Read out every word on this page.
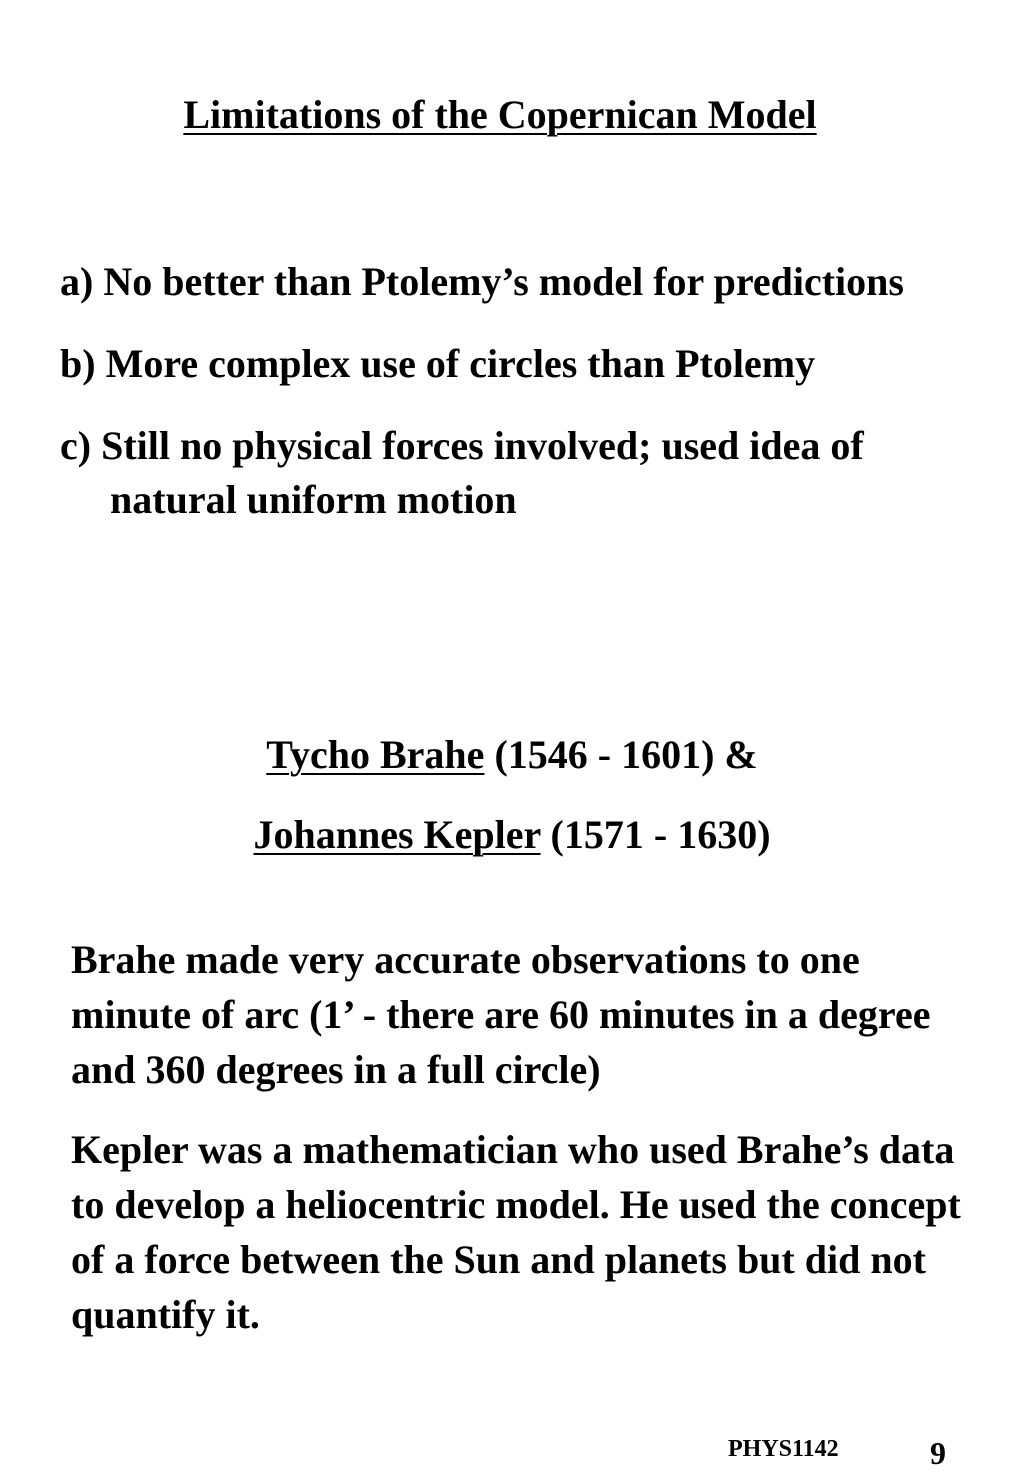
Limitations of the Copernican Model
a) No better than Ptolemy’s model for predictions
b) More complex use of circles than Ptolemy
c) Still no physical forces involved; used idea of natural uniform motion
Tycho Brahe (1546 - 1601) &
Johannes Kepler (1571 - 1630)

Brahe made very accurate observations to one minute of arc (1’ - there are 60 minutes in a degree and 360 degrees in a full circle)

Kepler was a mathematician who used Brahe’s data to develop a heliocentric model. He used the concept of a force between the Sun and planets but did not quantify it.

PHYS1142	9
